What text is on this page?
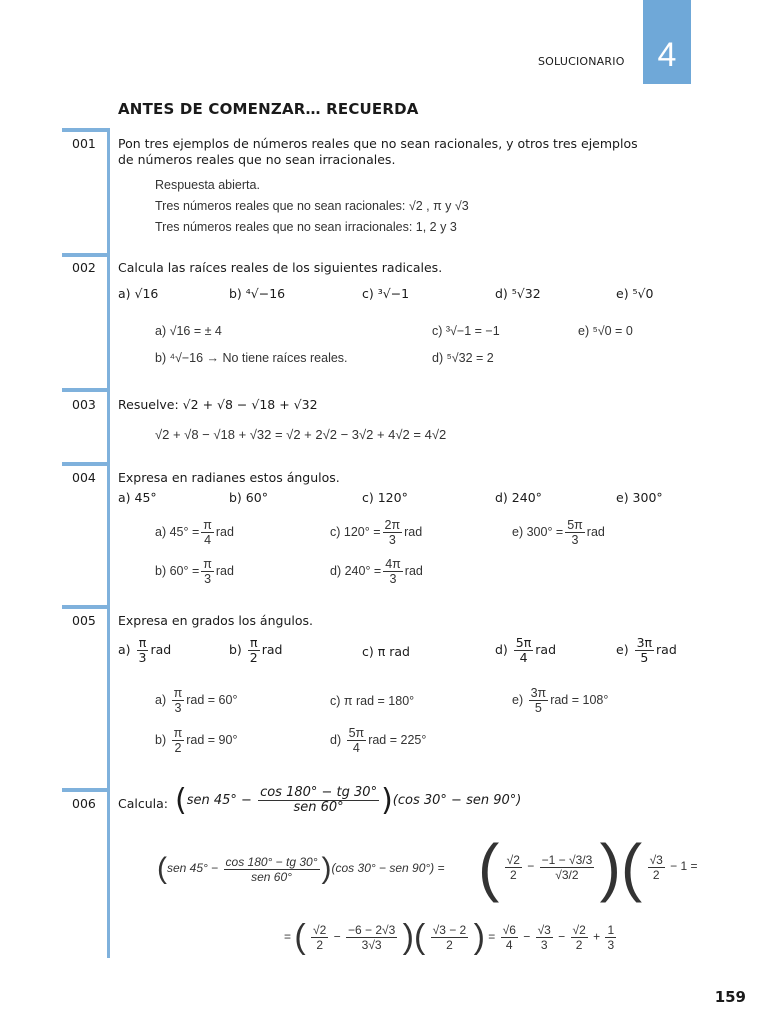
SOLUCIONARIO 4
ANTES DE COMENZAR… RECUERDA
001 Pon tres ejemplos de números reales que no sean racionales, y otros tres ejemplos
de números reales que no sean irracionales.
Respuesta abierta.
Tres números reales que no sean racionales: √2 , π y √3
Tres números reales que no sean irracionales: 1, 2 y 3
002 Calcula las raíces reales de los siguientes radicales.
a) √16	b) ⁴√−16	c) ³√−1	d) ⁵√32	e) ⁵√0
a) √16 = ± 4	c) ³√−1 = −1	e) ⁵√0 = 0
b) ⁴√−16 → No tiene raíces reales.	d) ⁵√32 = 2
003 Resuelve: √2 + √8 − √18 + √32
√2 + √8 − √18 + √32 = √2 + 2√2 − 3√2 + 4√2 = 4√2
004 Expresa en radianes estos ángulos.
a) 45°	b) 60°	c) 120°	d) 240°	e) 300°
a) $45^\circ = \frac{\pi}{4}$ rad	c) $120^\circ = \frac{2\pi}{3}$ rad	e) $300^\circ = \frac{5\pi}{3}$ rad
b) $60^\circ = \frac{\pi}{3}$ rad	d) $240^\circ = \frac{4\pi}{3}$ rad
005 Expresa en grados los ángulos.
$a) \frac{\pi}{3}$ rad	$b) \frac{\pi}{2}$ rad	c) π rad	$d) \frac{5\pi}{4}$ rad	$e) \frac{3\pi}{5}$ rad
$a) \frac{\pi}{3}$ rad = 60°	c) π rad = 180°	$e) \frac{3\pi}{5}$ rad = 108°
$b) \frac{\pi}{2}$ rad = 90°	$d) \frac{5\pi}{4}$ rad = 225°
006 Calcula: (sen $45^\circ - \frac{\cos 180^\circ - tg 30^\circ}{\text{sen 60°}} )(\cos$ 30° − sen 90°)
(sen $45^\circ - \frac{\cos 180^\circ - tg 30^\circ}{\text{sen 60°}} )(\cos$ 30° − sen 90°) = ( $\frac{√2}{2} - \frac{-1 - √3/3}{√3/2}$ )( $\frac{√3}{2} - 1$ =
= ( $\frac{√2}{2} - \frac{-6 - 2√3}{3√3}$ )( $\frac{√3 - 2}{2}$ ) = $\frac{√6}{4} - \frac{√3}{3} - \frac{√2}{2} + \frac{1}{3}$
159
